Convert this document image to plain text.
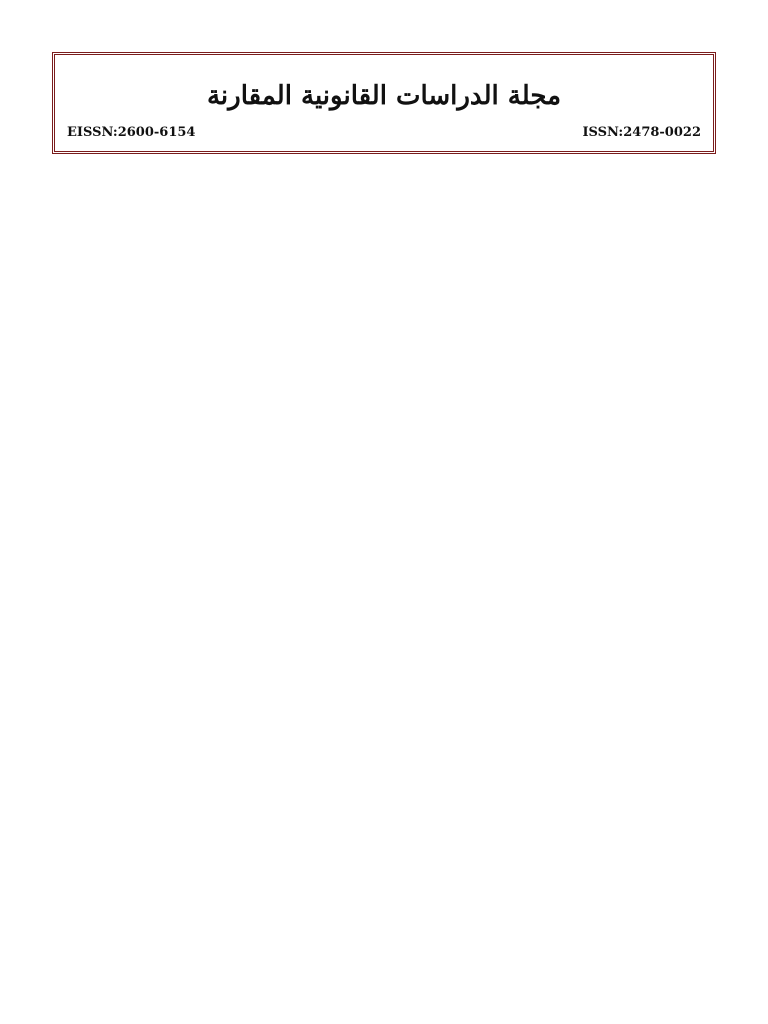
مجلة الدراسات القانونية المقارنة
EISSN:2600-6154	ISSN:2478-0022
